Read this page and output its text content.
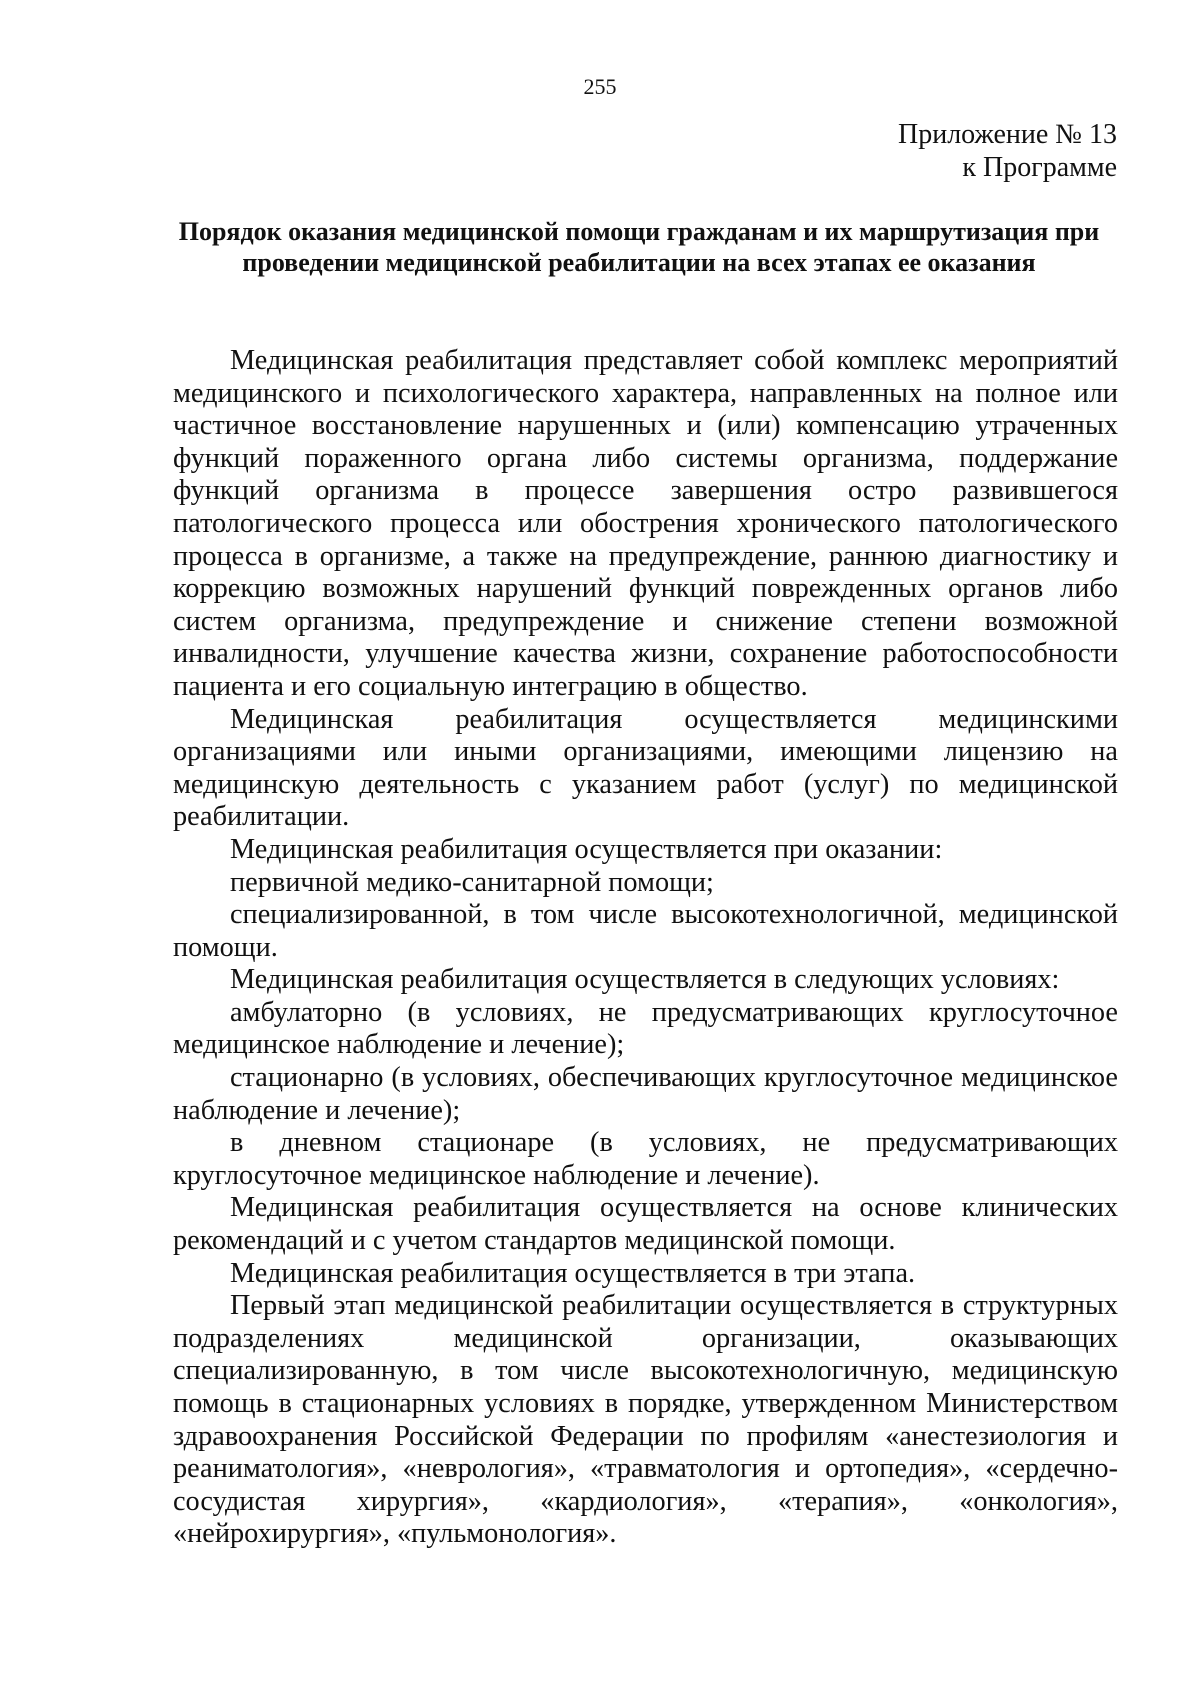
255

Приложение № 13
к Программе
Порядок оказания медицинской помощи гражданам и их маршрутизация при проведении медицинской реабилитации на всех этапах ее оказания

Медицинская реабилитация представляет собой комплекс мероприятий медицинского и психологического характера, направленных на полное или частичное восстановление нарушенных и (или) компенсацию утраченных функций пораженного органа либо системы организма, поддержание функций организма в процессе завершения остро развившегося патологического процесса или обострения хронического патологического процесса в организме, а также на предупреждение, раннюю диагностику и коррекцию возможных нарушений функций поврежденных органов либо систем организма, предупреждение и снижение степени возможной инвалидности, улучшение качества жизни, сохранение работоспособности пациента и его социальную интеграцию в общество.

Медицинская реабилитация осуществляется медицинскими организациями или иными организациями, имеющими лицензию на медицинскую деятельность с указанием работ (услуг) по медицинской реабилитации.

Медицинская реабилитация осуществляется при оказании:

первичной медико-санитарной помощи;

специализированной, в том числе высокотехнологичной, медицинской помощи.

Медицинская реабилитация осуществляется в следующих условиях:

амбулаторно (в условиях, не предусматривающих круглосуточное медицинское наблюдение и лечение);

стационарно (в условиях, обеспечивающих круглосуточное медицинское наблюдение и лечение);

в дневном стационаре (в условиях, не предусматривающих круглосуточное медицинское наблюдение и лечение).

Медицинская реабилитация осуществляется на основе клинических рекомендаций и с учетом стандартов медицинской помощи.

Медицинская реабилитация осуществляется в три этапа.

Первый этап медицинской реабилитации осуществляется в структурных подразделениях медицинской организации, оказывающих специализированную, в том числе высокотехнологичную, медицинскую помощь в стационарных условиях в порядке, утвержденном Министерством здравоохранения Российской Федерации по профилям «анестезиология и реаниматология», «неврология», «травматология и ортопедия», «сердечно-сосудистая хирургия», «кардиология», «терапия», «онкология», «нейрохирургия», «пульмонология».
